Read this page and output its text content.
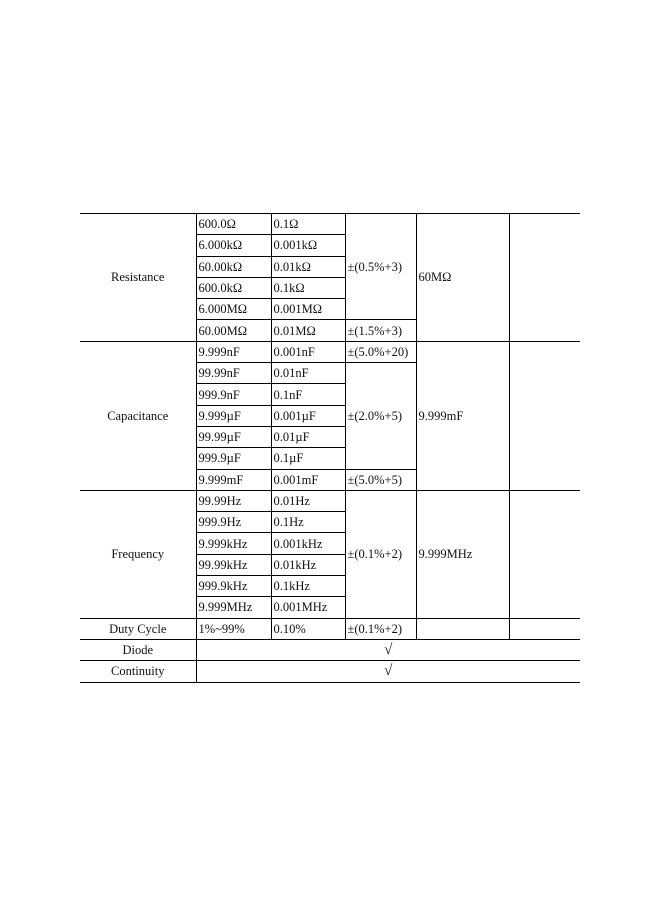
Resistance	600.0Ω	0.1Ω	±(0.5%+3)	60MΩ	
	6.000kΩ	0.001kΩ			
	60.00kΩ	0.01kΩ			
	600.0kΩ	0.1kΩ			
	6.000MΩ	0.001MΩ			
	60.00MΩ	0.01MΩ	±(1.5%+3)		
Capacitance	9.999nF	0.001nF	±(5.0%+20)	9.999mF	
	99.99nF	0.01nF	±(2.0%+5)		
	999.9nF	0.1nF			
	9.999µF	0.001µF			
	99.99µF	0.01µF			
	999.9µF	0.1µF			
	9.999mF	0.001mF	±(5.0%+5)		
Frequency	99.99Hz	0.01Hz	±(0.1%+2)	9.999MHz	
	999.9Hz	0.1Hz			
	9.999kHz	0.001kHz			
	99.99kHz	0.01kHz			
	999.9kHz	0.1kHz			
	9.999MHz	0.001MHz			
Duty Cycle	1%~99%	0.10%	±(0.1%+2)		
Diode	√				
Continuity	√				
